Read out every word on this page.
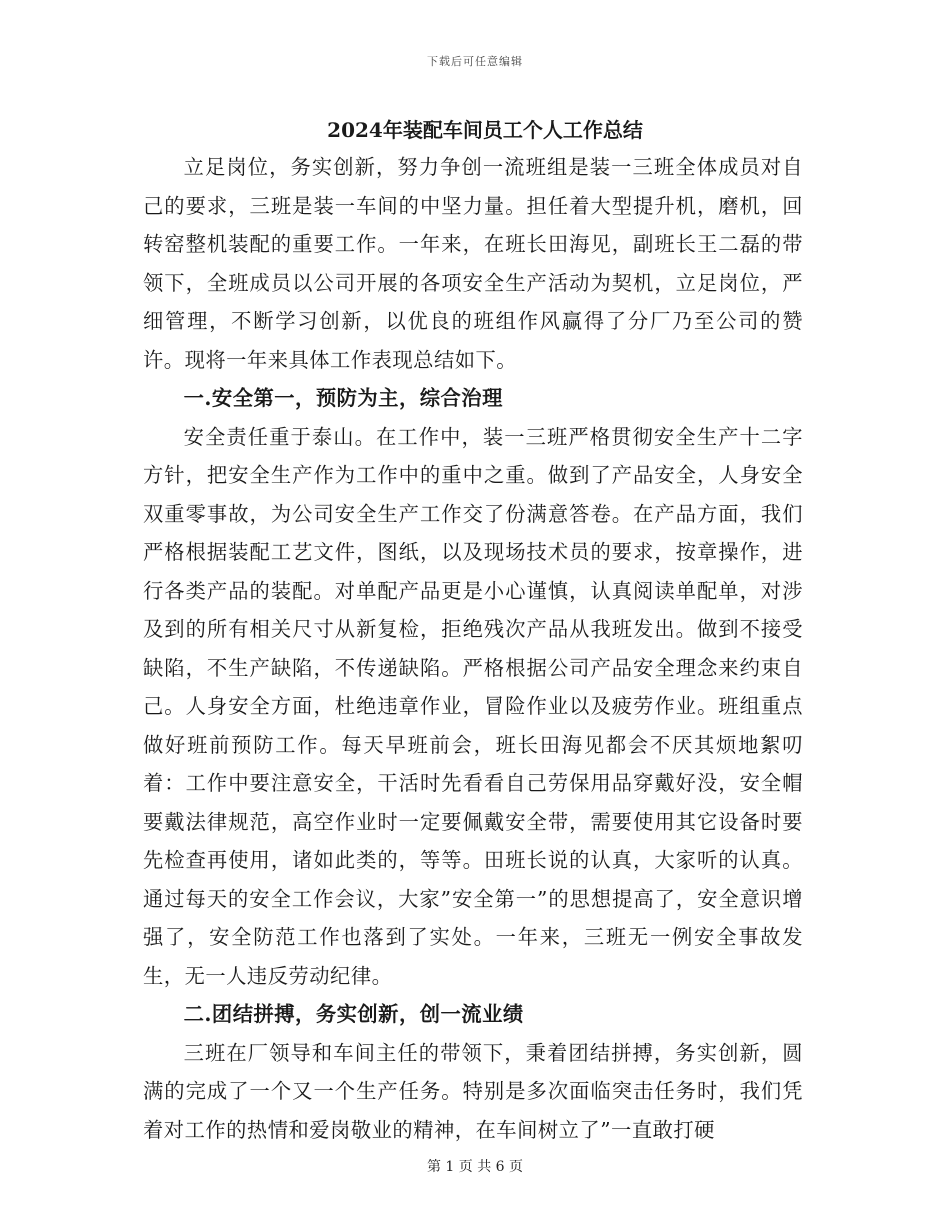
下载后可任意编辑
2024年装配车间员工个人工作总结

立足岗位，务实创新，努力争创一流班组是装一三班全体成员对自己的要求，三班是装一车间的中坚力量。担任着大型提升机，磨机，回转窑整机装配的重要工作。一年来，在班长田海见，副班长王二磊的带领下，全班成员以公司开展的各项安全生产活动为契机，立足岗位，严细管理，不断学习创新，以优良的班组作风赢得了分厂乃至公司的赞许。现将一年来具体工作表现总结如下。

一.安全第一，预防为主，综合治理

安全责任重于泰山。在工作中，装一三班严格贯彻安全生产十二字方针，把安全生产作为工作中的重中之重。做到了产品安全，人身安全双重零事故，为公司安全生产工作交了份满意答卷。在产品方面，我们严格根据装配工艺文件，图纸，以及现场技术员的要求，按章操作，进行各类产品的装配。对单配产品更是小心谨慎，认真阅读单配单，对涉及到的所有相关尺寸从新复检，拒绝残次产品从我班发出。做到不接受缺陷，不生产缺陷，不传递缺陷。严格根据公司产品安全理念来约束自己。人身安全方面，杜绝违章作业，冒险作业以及疲劳作业。班组重点做好班前预防工作。每天早班前会，班长田海见都会不厌其烦地絮叨着：工作中要注意安全，干活时先看看自己劳保用品穿戴好没，安全帽要戴法律规范，高空作业时一定要佩戴安全带，需要使用其它设备时要先检查再使用，诸如此类的，等等。田班长说的认真，大家听的认真。通过每天的安全工作会议，大家”安全第一”的思想提高了，安全意识增强了，安全防范工作也落到了实处。一年来，三班无一例安全事故发生，无一人违反劳动纪律。

二.团结拼搏，务实创新，创一流业绩

三班在厂领导和车间主任的带领下，秉着团结拼搏，务实创新，圆满的完成了一个又一个生产任务。特别是多次面临突击任务时，我们凭着对工作的热情和爱岗敬业的精神，在车间树立了”一直敢打硬

第 1 页 共 6 页
